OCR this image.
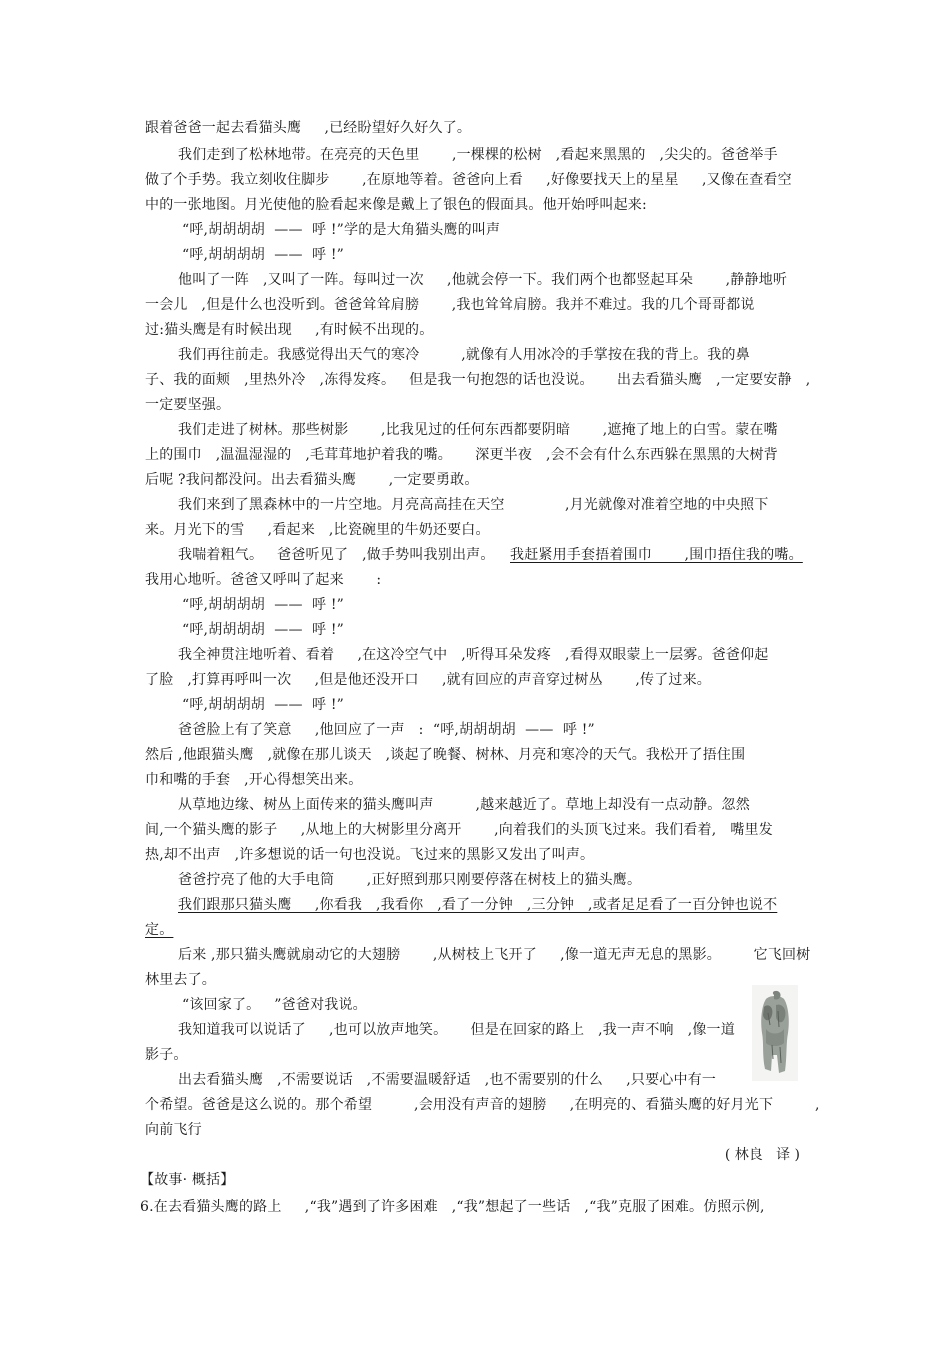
跟着爸爸一起去看猫头鹰     ,已经盼望好久好久了。
我们走到了松林地带。在亮亮的天色里       ,一棵棵的松树   ,看起来黑黑的   ,尖尖的。爸爸举手
做了个手势。我立刻收住脚步       ,在原地等着。爸爸向上看     ,好像要找天上的星星     ,又像在查看空
中的一张地图。月光使他的脸看起来像是戴上了银色的假面具。他开始呼叫起来:
“呼,胡胡胡胡  ——  呼 !”学的是大角猫头鹰的叫声
“呼,胡胡胡胡  ——  呼 !”
他叫了一阵   ,又叫了一阵。每叫过一次     ,他就会停一下。我们两个也都竖起耳朵       ,静静地听
一会儿   ,但是什么也没听到。爸爸耸耸肩膀       ,我也耸耸肩膀。我并不难过。我的几个哥哥都说
过:猫头鹰是有时候出现     ,有时候不出现的。
我们再往前走。我感觉得出天气的寒冷         ,就像有人用冰冷的手掌按在我的背上。我的鼻
子、我的面颊   ,里热外冷   ,冻得发疼。   但是我一句抱怨的话也没说。     出去看猫头鹰   ,一定要安静   ,
一定要坚强。
我们走进了树林。那些树影       ,比我见过的任何东西都要阴暗       ,遮掩了地上的白雪。蒙在嘴
上的围巾   ,温温湿湿的   ,毛茸茸地护着我的嘴。     深更半夜   ,会不会有什么东西躲在黑黑的大树背
后呢 ?我问都没问。出去看猫头鹰       ,一定要勇敢。
我们来到了黑森林中的一片空地。月亮高高挂在天空             ,月光就像对准着空地的中央照下
来。月光下的雪     ,看起来   ,比瓷碗里的牛奶还要白。
我喘着粗气。   爸爸听见了   ,做手势叫我别出声。 我赶紧用手套捂着围巾       ,围巾捂住我的嘴。
我用心地听。爸爸又呼叫了起来       :
“呼,胡胡胡胡  ——  呼 !”
“呼,胡胡胡胡  ——  呼 !”
我全神贯注地听着、看着     ,在这冷空气中   ,听得耳朵发疼   ,看得双眼蒙上一层雾。爸爸仰起
了脸   ,打算再呼叫一次     ,但是他还没开口     ,就有回应的声音穿过树丛       ,传了过来。
“呼,胡胡胡胡  ——  呼 !”
爸爸脸上有了笑意     ,他回应了一声   :  “呼,胡胡胡胡  ——  呼 !”
然后 ,他跟猫头鹰   ,就像在那儿谈天   ,谈起了晚餐、树林、月亮和寒冷的天气。我松开了捂住围
巾和嘴的手套   ,开心得想笑出来。
从草地边缘、树丛上面传来的猫头鹰叫声         ,越来越近了。草地上却没有一点动静。忽然
间,一个猫头鹰的影子     ,从地上的大树影里分离开       ,向着我们的头顶飞过来。我们看着,   嘴里发
热,却不出声   ,许多想说的话一句也没说。飞过来的黑影又发出了叫声。
爸爸拧亮了他的大手电筒       ,正好照到那只刚要停落在树枝上的猫头鹰。
我们跟那只猫头鹰     ,你看我   ,我看你   ,看了一分钟   ,三分钟   ,或者足足看了一百分钟也说不
定。
后来 ,那只猫头鹰就扇动它的大翅膀       ,从树枝上飞开了     ,像一道无声无息的黑影。       它飞回树
林里去了。
“该回家了。   ”爸爸对我说。
我知道我可以说话了     ,也可以放声地笑。     但是在回家的路上   ,我一声不响   ,像一道
影子。
出去看猫头鹰   ,不需要说话   ,不需要温暖舒适   ,也不需要别的什么     ,只要心中有一
个希望。爸爸是这么说的。那个希望         ,会用没有声音的翅膀     ,在明亮的、看猫头鹰的好月光下         ,
向前飞行
( 林良   译 )
【故事· 概括】
6.在去看猫头鹰的路上     ,“我”遇到了许多困难   ,“我”想起了一些话   ,“我”克服了困难。仿照示例,
